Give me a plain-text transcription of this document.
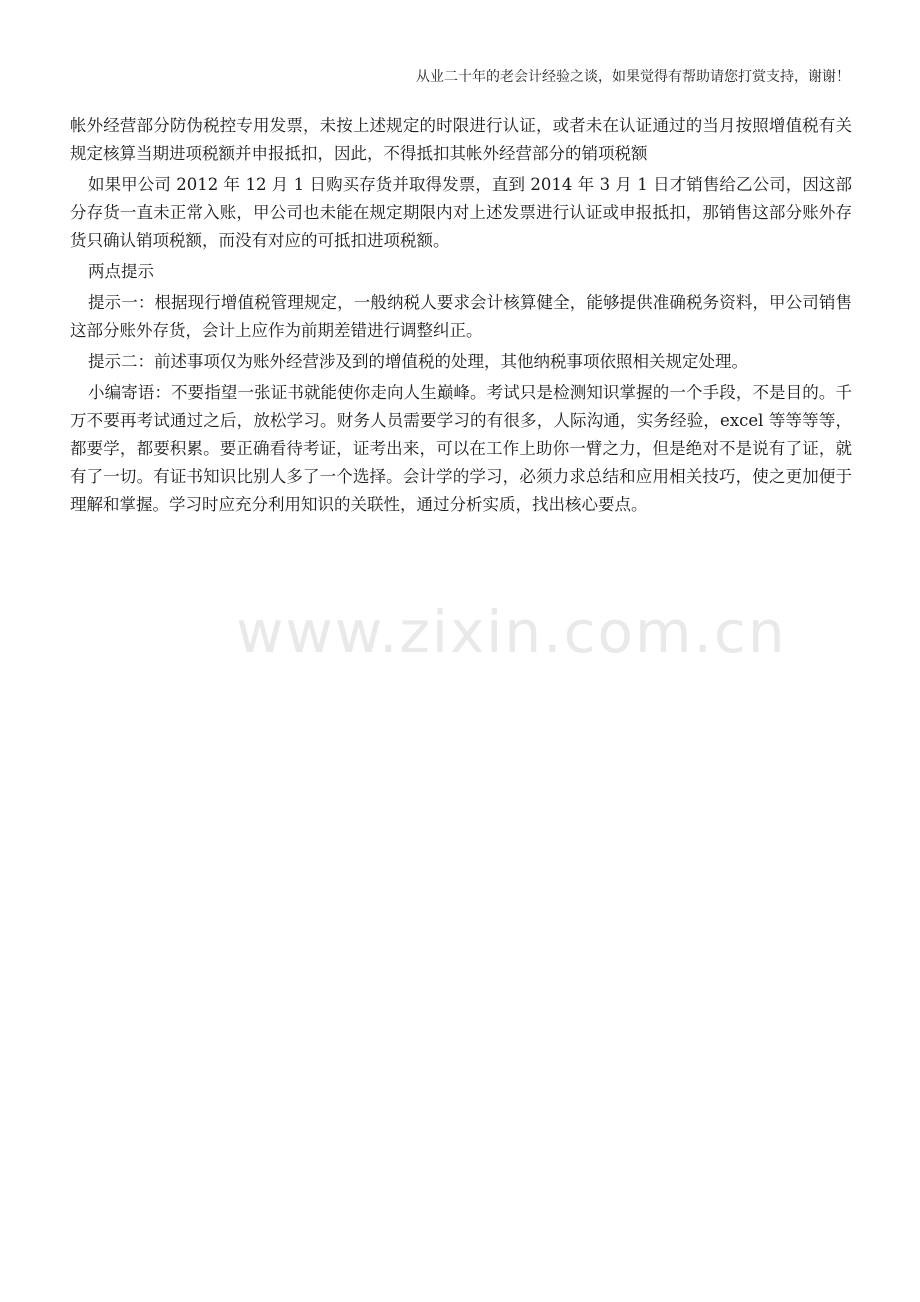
从业二十年的老会计经验之谈，如果觉得有帮助请您打赏支持，谢谢！

帐外经营部分防伪税控专用发票，未按上述规定的时限进行认证，或者未在认证通过的当月按照增值税有关规定核算当期进项税额并申报抵扣，因此，不得抵扣其帐外经营部分的销项税额

如果甲公司 2012 年 12 月 1 日购买存货并取得发票，直到 2014 年 3 月 1 日才销售给乙公司，因这部分存货一直未正常入账，甲公司也未能在规定期限内对上述发票进行认证或申报抵扣，那销售这部分账外存货只确认销项税额，而没有对应的可抵扣进项税额。

两点提示

提示一：根据现行增值税管理规定，一般纳税人要求会计核算健全，能够提供准确税务资料，甲公司销售这部分账外存货，会计上应作为前期差错进行调整纠正。

提示二：前述事项仅为账外经营涉及到的增值税的处理，其他纳税事项依照相关规定处理。

小编寄语：不要指望一张证书就能使你走向人生巅峰。考试只是检测知识掌握的一个手段，不是目的。千万不要再考试通过之后，放松学习。财务人员需要学习的有很多，人际沟通，实务经验，excel 等等等等，都要学，都要积累。要正确看待考证，证考出来，可以在工作上助你一臂之力，但是绝对不是说有了证，就有了一切。有证书知识比别人多了一个选择。会计学的学习，必须力求总结和应用相关技巧，使之更加便于理解和掌握。学习时应充分利用知识的关联性，通过分析实质，找出核心要点。

www.zixin.com.cn
